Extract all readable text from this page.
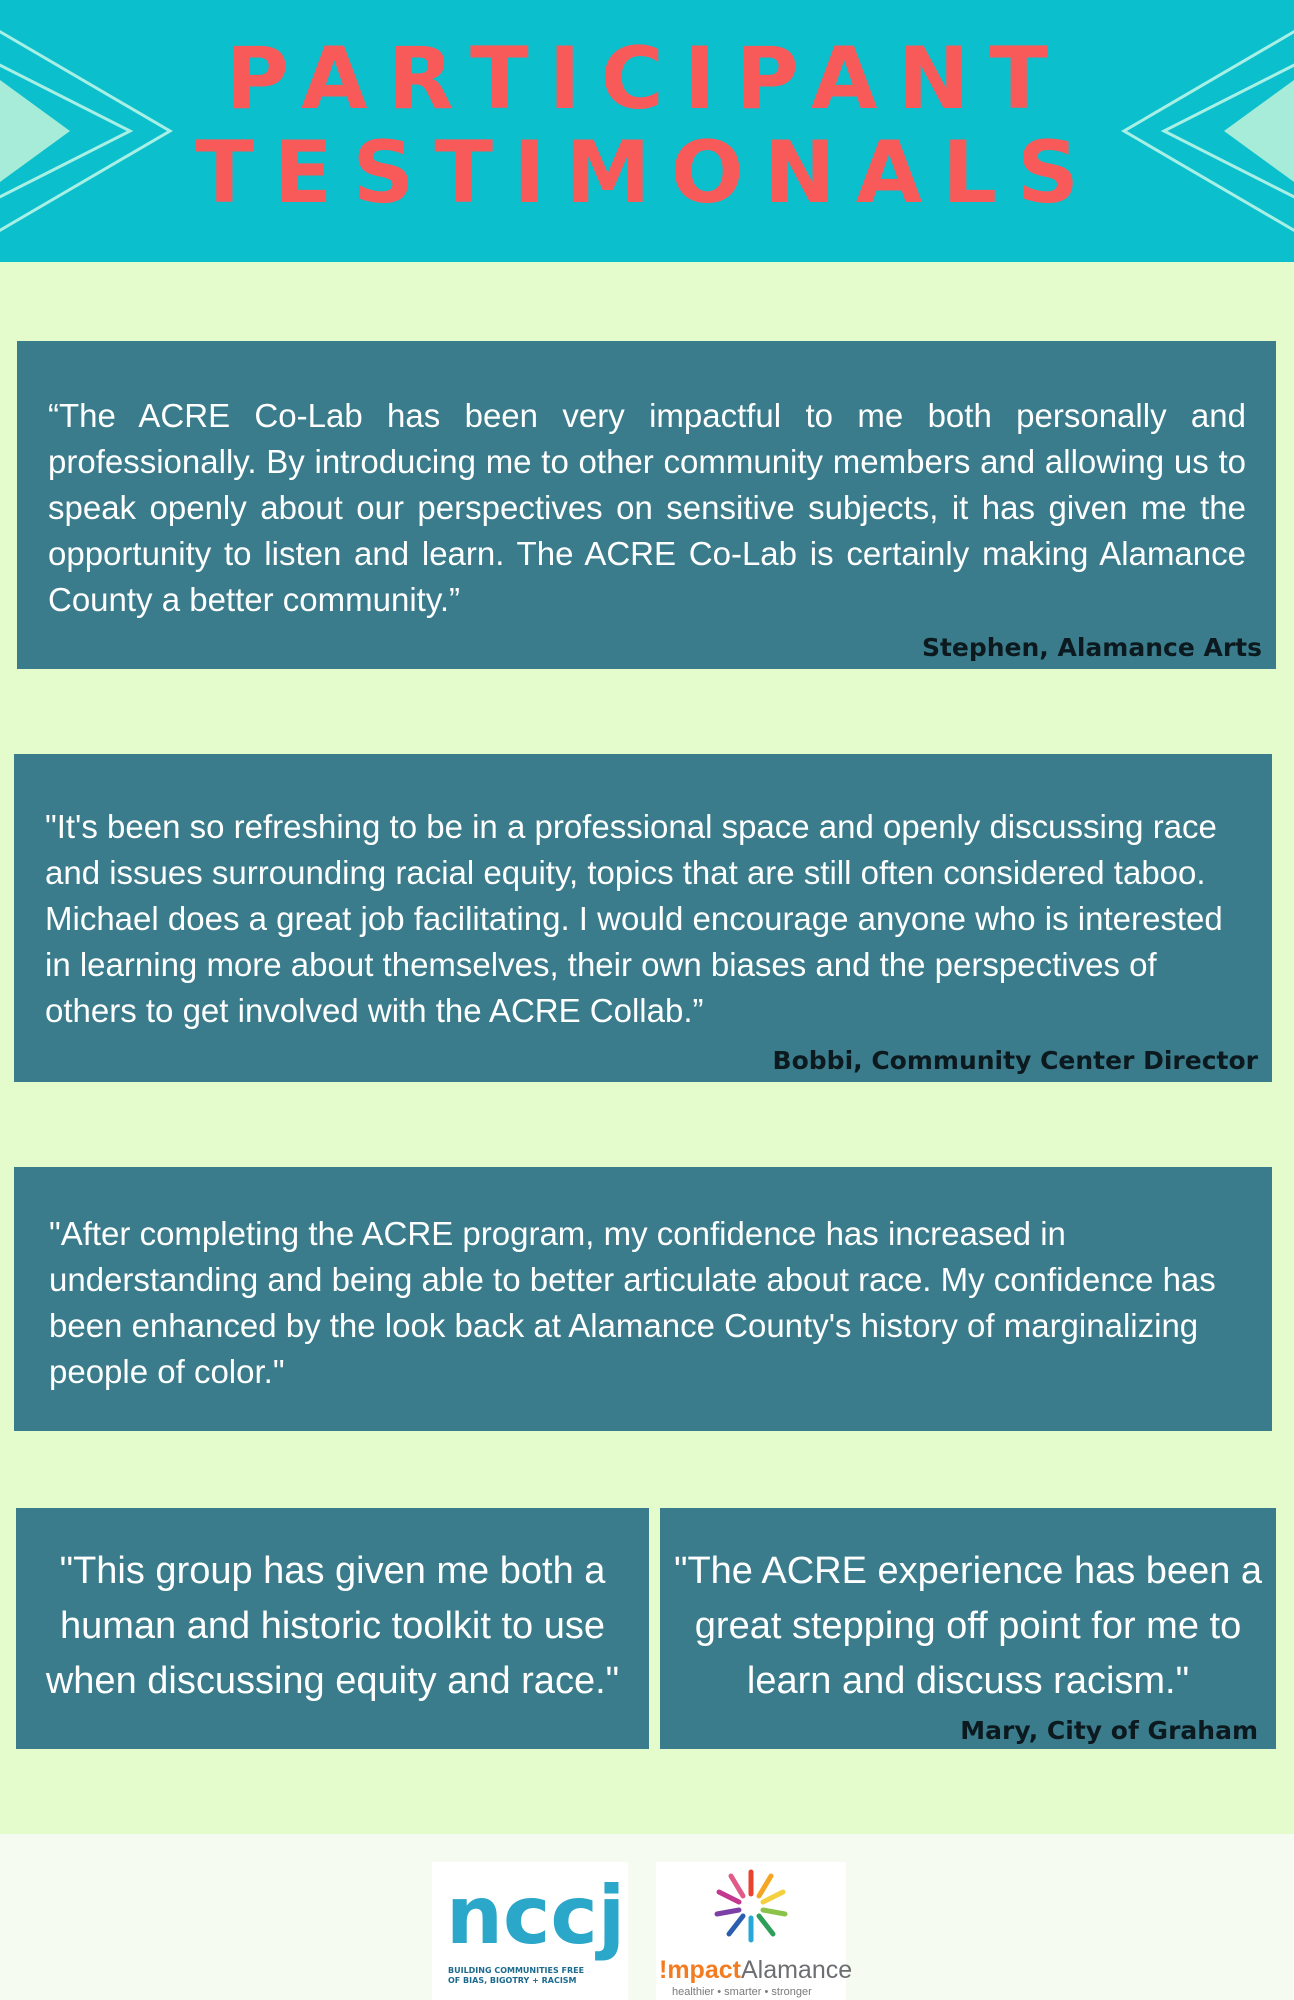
PARTICIPANT
TESTIMONALS
“The ACRE Co-Lab has been very impactful to me both personally and professionally. By introducing me to other community members and allowing us to speak openly about our perspectives on sensitive subjects, it has given me the opportunity to listen and learn. The ACRE Co-Lab is certainly making Alamance County a better community.”
Stephen, Alamance Arts
"It's been so refreshing to be in a professional space and openly discussing race and issues surrounding racial equity, topics that are still often considered taboo. Michael does a great job facilitating. I would encourage anyone who is interested in learning more about themselves, their own biases and the perspectives of others to get involved with the ACRE Collab.”
Bobbi, Community Center Director
"After completing the ACRE program, my confidence has increased in understanding and being able to better articulate about race. My confidence has been enhanced by the look back at Alamance County's history of marginalizing people of color."
"This group has given me both a human and historic toolkit to use when discussing equity and race."
"The ACRE experience has been a great stepping off point for me to learn and discuss racism."
Mary, City of Graham
nccj
BUILDING COMMUNITIES FREE
OF BIAS, BIGOTRY + RACISM	!mpactAlamance
healthier • smarter • stronger
